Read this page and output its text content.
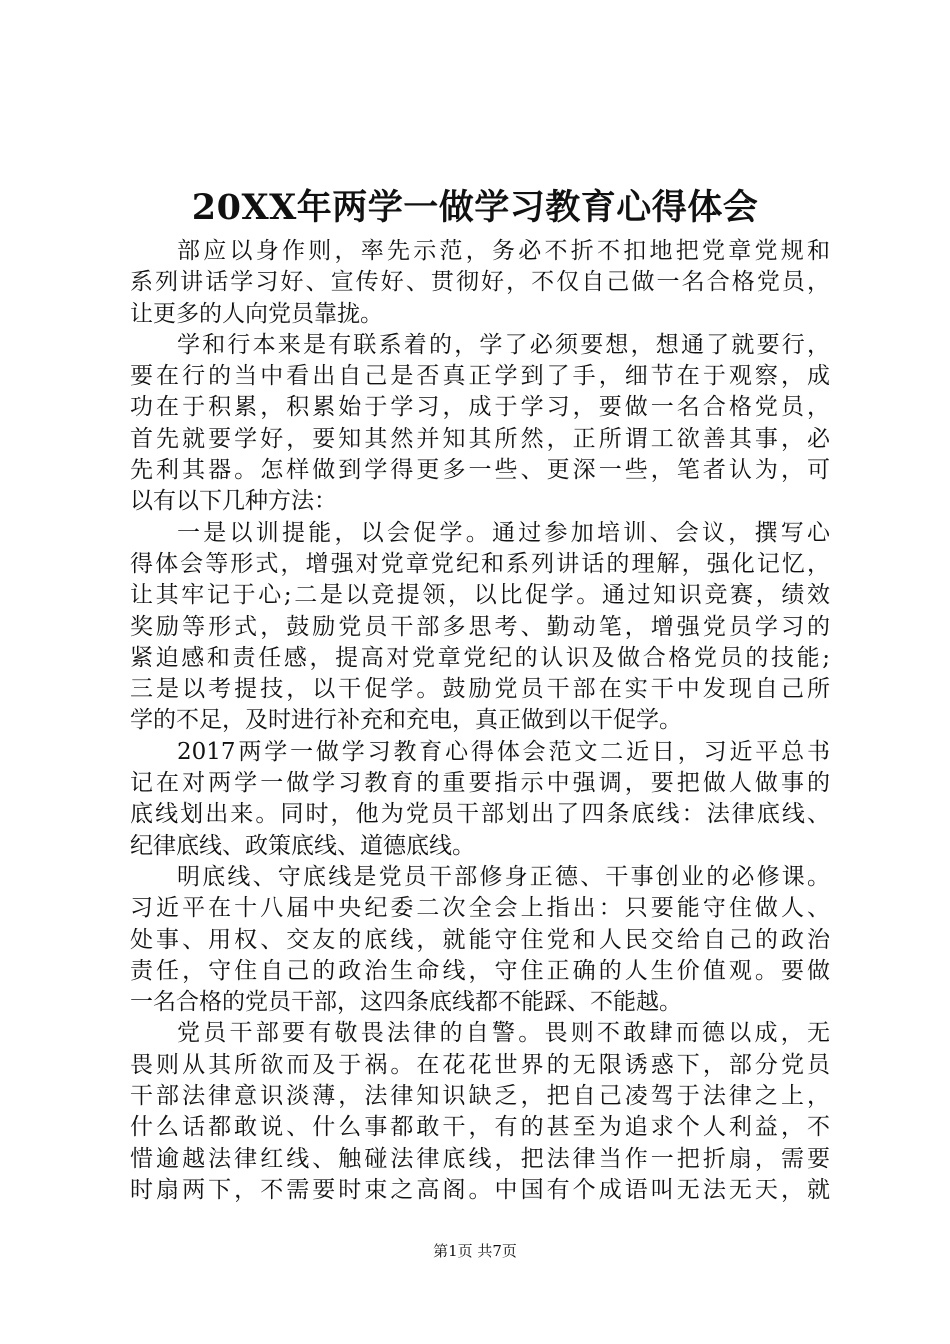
20XX年两学一做学习教育心得体会
部应以身作则，率先示范，务必不折不扣地把党章党规和
系列讲话学习好、宣传好、贯彻好，不仅自己做一名合格党员，
让更多的人向党员靠拢。
学和行本来是有联系着的，学了必须要想，想通了就要行，
要在行的当中看出自己是否真正学到了手，细节在于观察，成
功在于积累，积累始于学习，成于学习，要做一名合格党员，
首先就要学好，要知其然并知其所然，正所谓工欲善其事，必
先利其器。怎样做到学得更多一些、更深一些，笔者认为，可
以有以下几种方法：
一是以训提能，以会促学。通过参加培训、会议，撰写心
得体会等形式，增强对党章党纪和系列讲话的理解，强化记忆，
让其牢记于心;二是以竞提领，以比促学。通过知识竞赛，绩效
奖励等形式，鼓励党员干部多思考、勤动笔，增强党员学习的
紧迫感和责任感，提高对党章党纪的认识及做合格党员的技能;
三是以考提技，以干促学。鼓励党员干部在实干中发现自己所
学的不足，及时进行补充和充电，真正做到以干促学。
2017两学一做学习教育心得体会范文二近日，习近平总书
记在对两学一做学习教育的重要指示中强调，要把做人做事的
底线划出来。同时，他为党员干部划出了四条底线：法律底线、
纪律底线、政策底线、道德底线。
明底线、守底线是党员干部修身正德、干事创业的必修课。
习近平在十八届中央纪委二次全会上指出：只要能守住做人、
处事、用权、交友的底线，就能守住党和人民交给自己的政治
责任，守住自己的政治生命线，守住正确的人生价值观。要做
一名合格的党员干部，这四条底线都不能踩、不能越。
党员干部要有敬畏法律的自警。畏则不敢肆而德以成，无
畏则从其所欲而及于祸。在花花世界的无限诱惑下，部分党员
干部法律意识淡薄，法律知识缺乏，把自己凌驾于法律之上，
什么话都敢说、什么事都敢干，有的甚至为追求个人利益，不
惜逾越法律红线、触碰法律底线，把法律当作一把折扇，需要
时扇两下，不需要时束之高阁。中国有个成语叫无法无天，就
第1页 共7页
